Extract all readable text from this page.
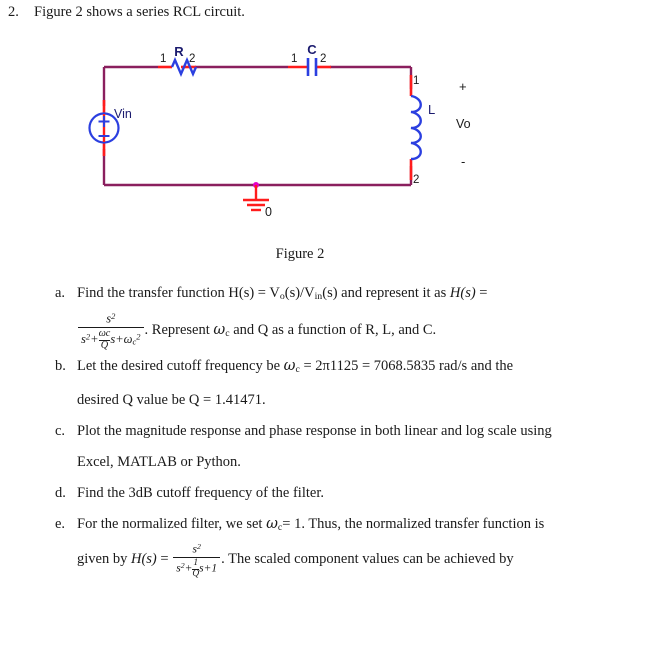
2. Figure 2 shows a series RCL circuit.
Vin
R
1 2
C
1 2
L
1
2
+
Vo
-
0
Figure 2
a. Find the transfer function $H(s) = V_o(s)/V_{in}(s)$ and represent it as H(s) =
$\frac{s^2}{s^2+ \frac{\omega c}{Q} s+\omega_c^2}$ . Represent $\omega_c$ and Q as a function of R, L, and C.
b. Let the desired cutoff frequency be $\omega_c = 2\pi 1125 = 7068.5835$ rad/s and the
desired Q value be Q = 1.41471.
c. Plot the magnitude response and phase response in both linear and log scale using
Excel, MATLAB or Python.
d. Find the 3dB cutoff frequency of the filter.
e. For the normalized filter, we set $\omega_c= 1$. Thus, the normalized transfer function is
given by $H(s) = \frac{s^2}{s^2+ \frac{1}{Q} s+1}$ . The scaled component values can be achieved by
